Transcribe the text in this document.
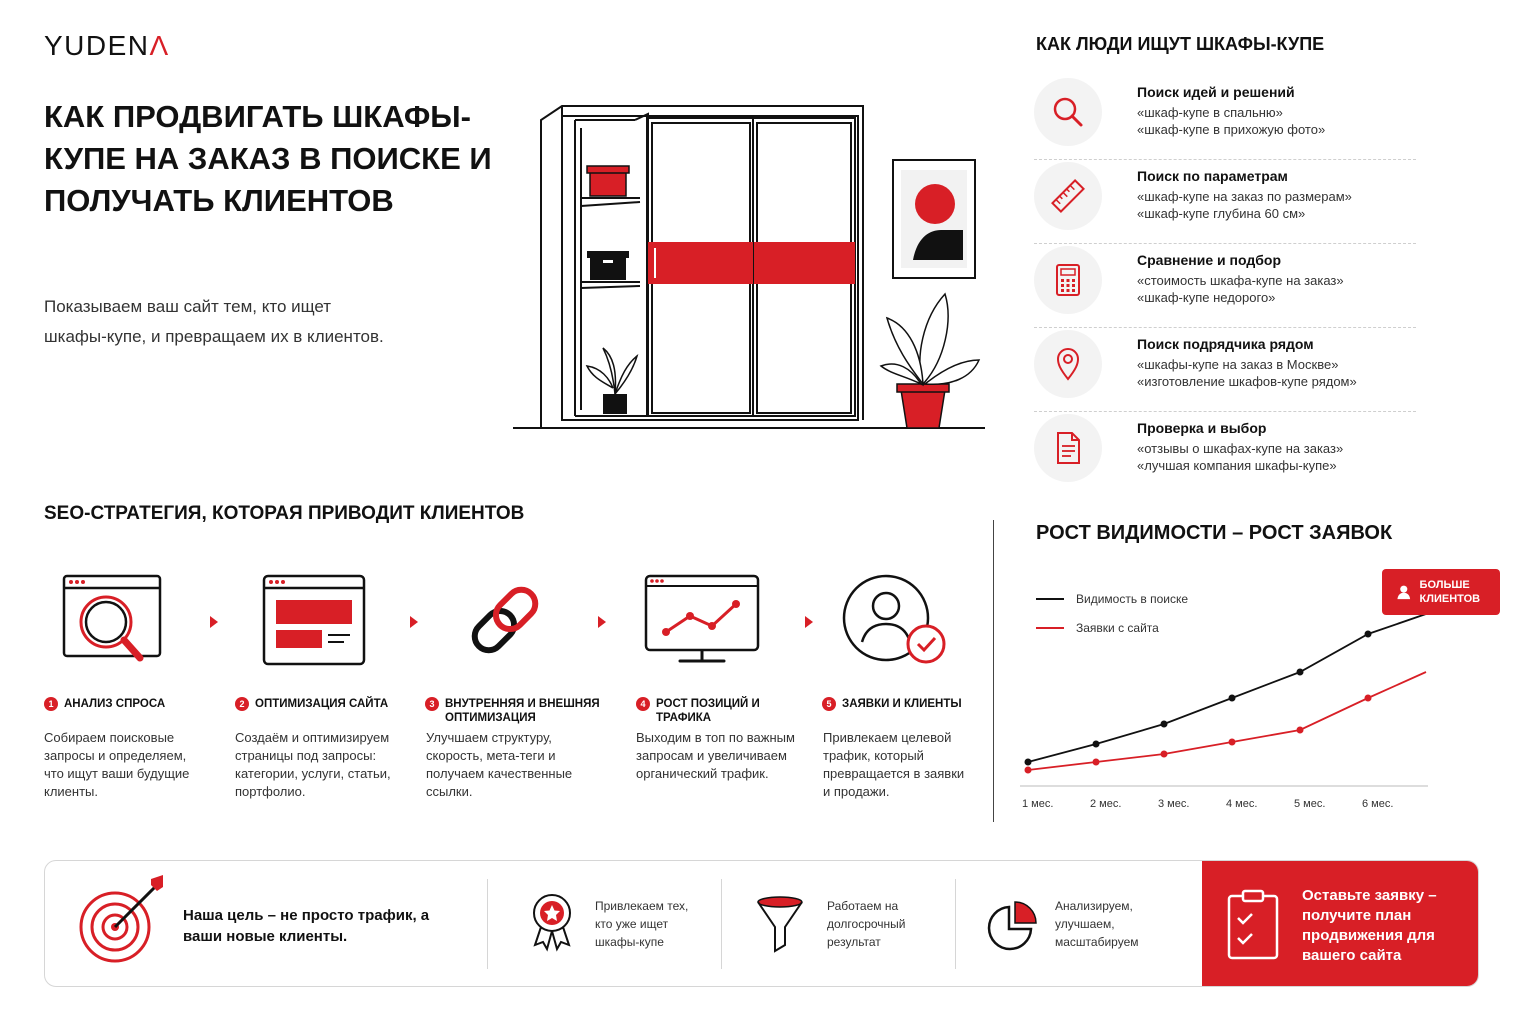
YUDENΛ
КАК ПРОДВИГАТЬ ШКАФЫ-КУПЕ НА ЗАКАЗ В ПОИСКЕ И ПОЛУЧАТЬ КЛИЕНТОВ
Показываем ваш сайт тем, кто ищет шкафы-купе, и превращаем их в клиентов.
КАК ЛЮДИ ИЩУТ ШКАФЫ-КУПЕ
Поиск идей и решений
«шкаф-купе в спальню»
«шкаф-купе в прихожую фото»
Поиск по параметрам
«шкаф-купе на заказ по размерам»
«шкаф-купе глубина 60 см»
Сравнение и подбор
«стоимость шкафа-купе на заказ»
«шкаф-купе недорого»
Поиск подрядчика рядом
«шкафы-купе на заказ в Москве»
«изготовление шкафов-купе рядом»
Проверка и выбор
«отзывы о шкафах-купе на заказ»
«лучшая компания шкафы-купе»
SEO-СТРАТЕГИЯ, КОТОРАЯ ПРИВОДИТ КЛИЕНТОВ
1 АНАЛИЗ СПРОСА
Собираем поисковые запросы и определяем, что ищут ваши будущие клиенты.
2 ОПТИМИЗАЦИЯ САЙТА
Создаём и оптимизируем страницы под запросы: категории, услуги, статьи, портфолио.
3 ВНУТРЕННЯЯ И ВНЕШНЯЯ ОПТИМИЗАЦИЯ
Улучшаем структуру, скорость, мета-теги и получаем качественные ссылки.
4 РОСТ ПОЗИЦИЙ И ТРАФИКА
Выходим в топ по важным запросам и увеличиваем органический трафик.
5 ЗАЯВКИ И КЛИЕНТЫ
Привлекаем целевой трафик, который превращается в заявки и продажи.
РОСТ ВИДИМОСТИ – РОСТ ЗАЯВОК
Видимость в поиске
Заявки с сайта
1 мес.	2 мес.	3 мес.	4 мес.	5 мес.	6 мес.
БОЛЬШЕ КЛИЕНТОВ
Наша цель – не просто трафик, а ваши новые клиенты.
Привлекаем тех, кто уже ищет шкафы-купе
Работаем на долгосрочный результат
Анализируем, улучшаем, масштабируем
Оставьте заявку – получите план продвижения для вашего сайта
